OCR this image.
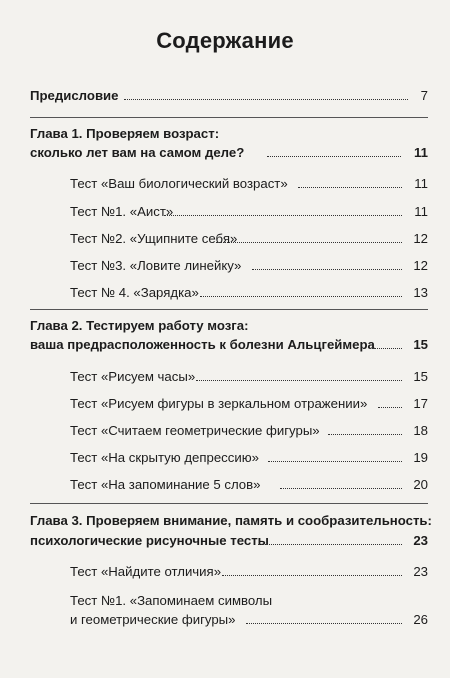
Содержание
Предисловие	7
Глава 1. Проверяем возраст:
сколько лет вам на самом деле?	11
Тест «Ваш биологический возраст»	11
Тест №1. «Аист»	11
Тест №2. «Ущипните себя»	12
Тест №3. «Ловите линейку»	12
Тест № 4. «Зарядка»	13
Глава 2. Тестируем работу мозга:
ваша предрасположенность к болезни Альцгеймера	15
Тест «Рисуем часы»	15
Тест «Рисуем фигуры в зеркальном отражении»	17
Тест «Считаем геометрические фигуры»	18
Тест «На скрытую депрессию»	19
Тест «На запоминание 5 слов»	20
Глава 3. Проверяем внимание, память и сообразительность:
психологические рисуночные тесты	23
Тест «Найдите отличия»	23
Тест №1. «Запоминаем символы
и геометрические фигуры»	26
